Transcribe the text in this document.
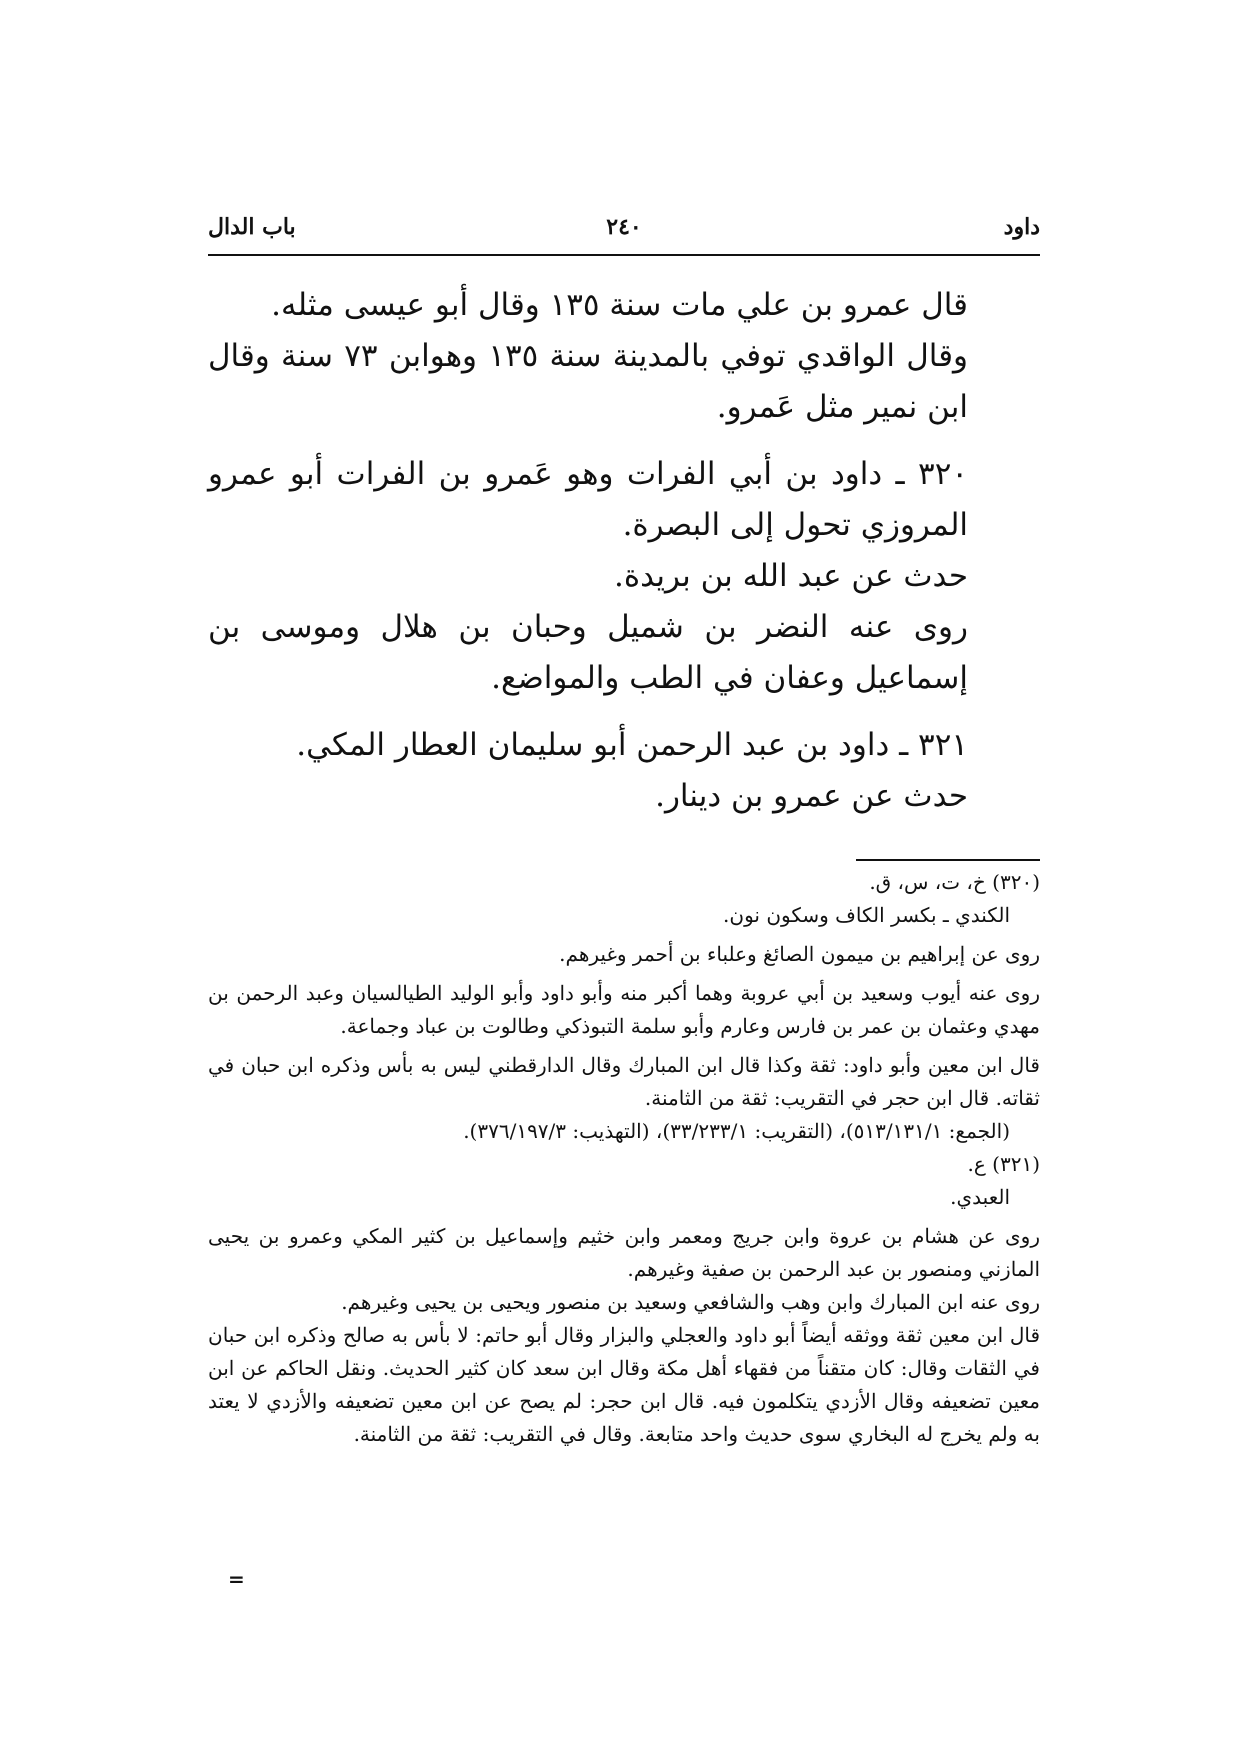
داود
٢٤٠
باب الدال

قال عمرو بن علي مات سنة ١٣٥ وقال أبو عيسى مثله.

وقال الواقدي توفي بالمدينة سنة ١٣٥ وهوابن ٧٣ سنة وقال ابن نمير مثل عَمرو.

٣٢٠ ـ داود بن أبي الفرات وهو عَمرو بن الفرات أبو عمرو المروزي تحول إلى البصرة.

حدث عن عبد الله بن بريدة.

روى عنه النضر بن شميل وحبان بن هلال وموسى بن إسماعيل وعفان في الطب والمواضع.

٣٢١ ـ داود بن عبد الرحمن أبو سليمان العطار المكي.

حدث عن عمرو بن دينار.

(٣٢٠) خ، ت، س، ق.

الكندي ـ بكسر الكاف وسكون نون.

روى عن إبراهيم بن ميمون الصائغ وعلباء بن أحمر وغيرهم.

روى عنه أيوب وسعيد بن أبي عروبة وهما أكبر منه وأبو داود وأبو الوليد الطيالسيان وعبد الرحمن بن مهدي وعثمان بن عمر بن فارس وعارم وأبو سلمة التبوذكي وطالوت بن عباد وجماعة.

قال ابن معين وأبو داود: ثقة وكذا قال ابن المبارك وقال الدارقطني ليس به بأس وذكره ابن حبان في ثقاته. قال ابن حجر في التقريب: ثقة من الثامنة.

(الجمع: ٥١٣/١٣١/١)، (التقريب: ٣٣/٢٣٣/١)، (التهذيب: ٣٧٦/١٩٧/٣).

(٣٢١) ع.

العبدي.

روى عن هشام بن عروة وابن جريج ومعمر وابن خثيم وإسماعيل بن كثير المكي وعمرو بن يحيى المازني ومنصور بن عبد الرحمن بن صفية وغيرهم.

روى عنه ابن المبارك وابن وهب والشافعي وسعيد بن منصور ويحيى بن يحيى وغيرهم.

قال ابن معين ثقة ووثقه أيضاً أبو داود والعجلي والبزار وقال أبو حاتم: لا بأس به صالح وذكره ابن حبان في الثقات وقال: كان متقناً من فقهاء أهل مكة وقال ابن سعد كان كثير الحديث. ونقل الحاكم عن ابن معين تضعيفه وقال الأزدي يتكلمون فيه. قال ابن حجر: لم يصح عن ابن معين تضعيفه والأزدي لا يعتد به ولم يخرج له البخاري سوى حديث واحد متابعة. وقال في التقريب: ثقة من الثامنة.

=
